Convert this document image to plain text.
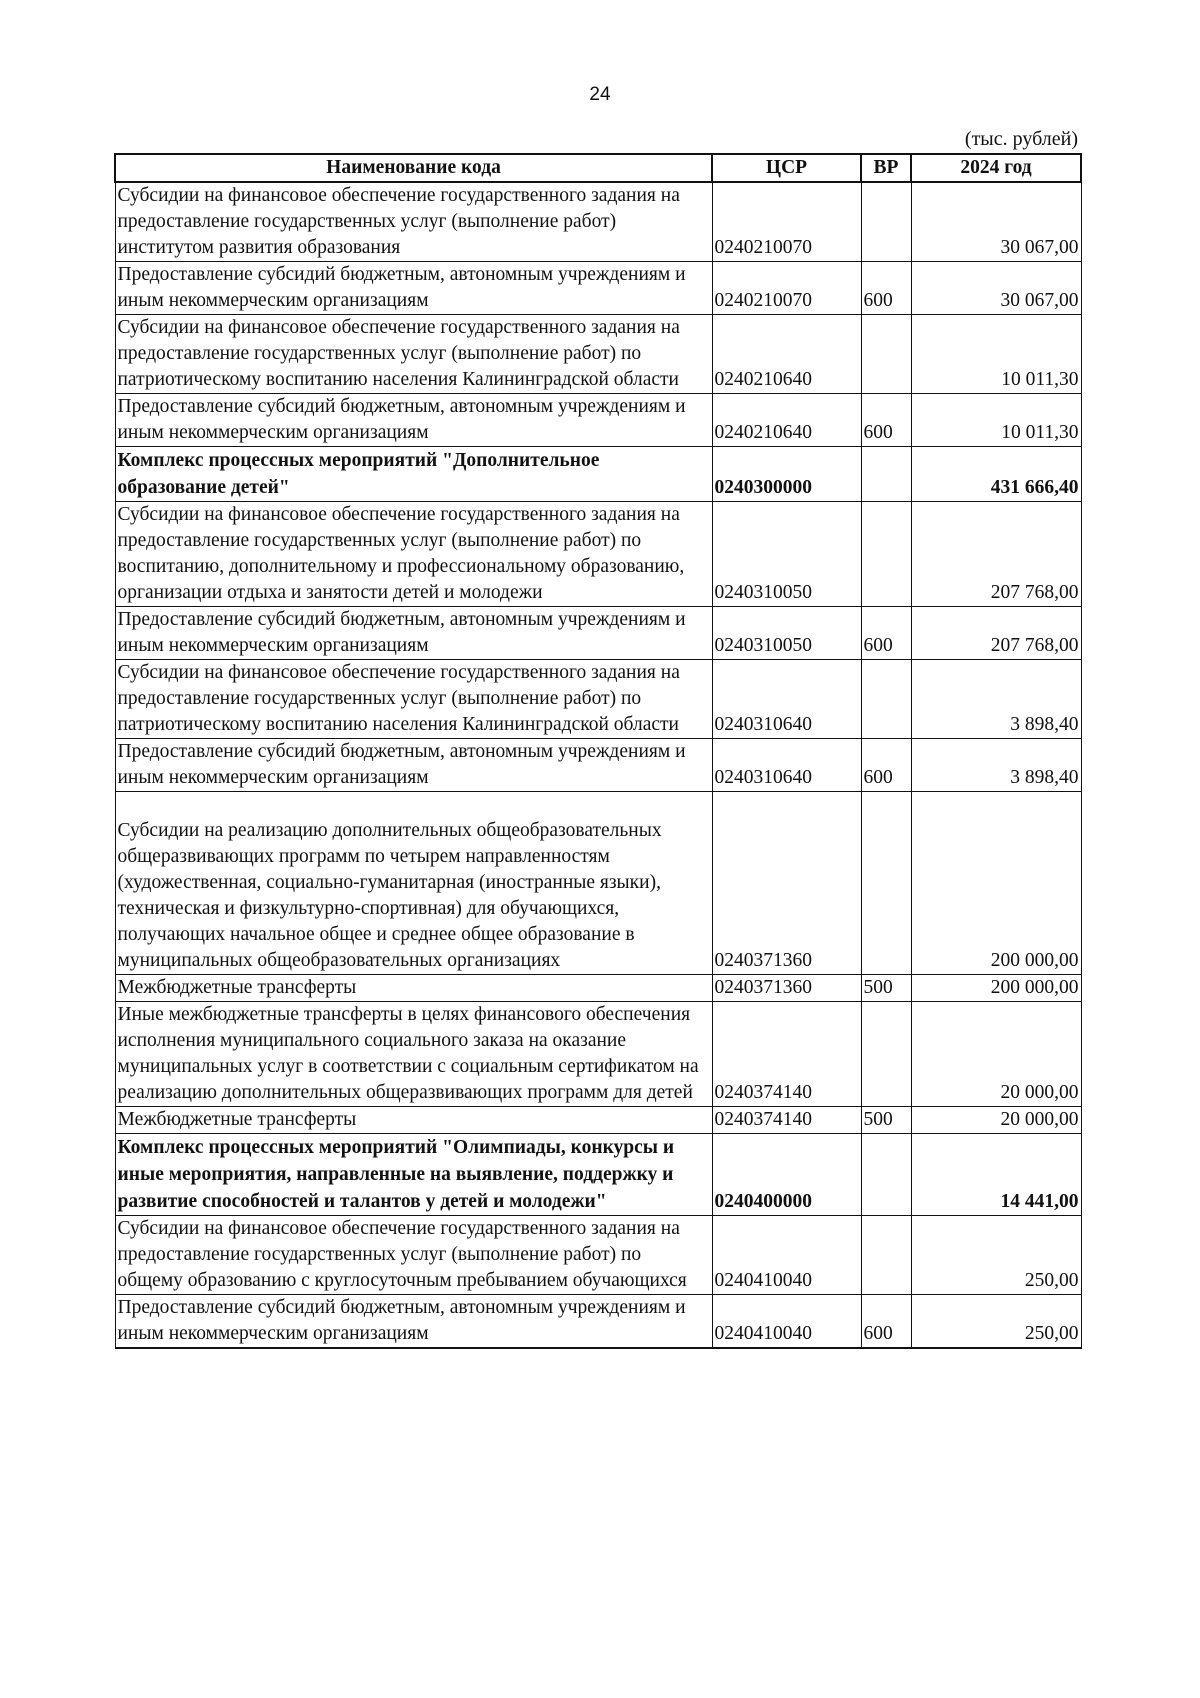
24
(тыс. рублей)
Наименование кода	ЦСР	ВР	2024 год
Субсидии на финансовое обеспечение государственного задания на предоставление государственных услуг (выполнение работ) институтом развития образования	0240210070		30 067,00
Предоставление субсидий бюджетным, автономным учреждениям и иным некоммерческим организациям	0240210070	600	30 067,00
Субсидии на финансовое обеспечение государственного задания на предоставление государственных услуг (выполнение работ) по патриотическому воспитанию населения Калининградской области	0240210640		10 011,30
Предоставление субсидий бюджетным, автономным учреждениям и иным некоммерческим организациям	0240210640	600	10 011,30
Комплекс процессных мероприятий "Дополнительное образование детей"	0240300000		431 666,40
Субсидии на финансовое обеспечение государственного задания на предоставление государственных услуг (выполнение работ) по воспитанию, дополнительному и профессиональному образованию, организации отдыха и занятости детей и молодежи	0240310050		207 768,00
Предоставление субсидий бюджетным, автономным учреждениям и иным некоммерческим организациям	0240310050	600	207 768,00
Субсидии на финансовое обеспечение государственного задания на предоставление государственных услуг (выполнение работ) по патриотическому воспитанию населения Калининградской области	0240310640		3 898,40
Предоставление субсидий бюджетным, автономным учреждениям и иным некоммерческим организациям	0240310640	600	3 898,40

Субсидии на реализацию дополнительных общеобразовательных общеразвивающих программ по четырем направленностям (художественная, социально-гуманитарная (иностранные языки), техническая и физкультурно-спортивная) для обучающихся, получающих начальное общее и среднее общее образование в муниципальных общеобразовательных организациях	0240371360		200 000,00
Межбюджетные трансферты	0240371360	500	200 000,00
Иные межбюджетные трансферты в целях финансового обеспечения исполнения муниципального социального заказа на оказание муниципальных услуг в соответствии с социальным сертификатом на реализацию дополнительных общеразвивающих программ для детей	0240374140		20 000,00
Межбюджетные трансферты	0240374140	500	20 000,00
Комплекс процессных мероприятий "Олимпиады, конкурсы и иные мероприятия, направленные на выявление, поддержку и развитие способностей и талантов у детей и молодежи"	0240400000		14 441,00
Субсидии на финансовое обеспечение государственного задания на предоставление государственных услуг (выполнение работ) по общему образованию с круглосуточным пребыванием обучающихся	0240410040		250,00
Предоставление субсидий бюджетным, автономным учреждениям и иным некоммерческим организациям	0240410040	600	250,00
